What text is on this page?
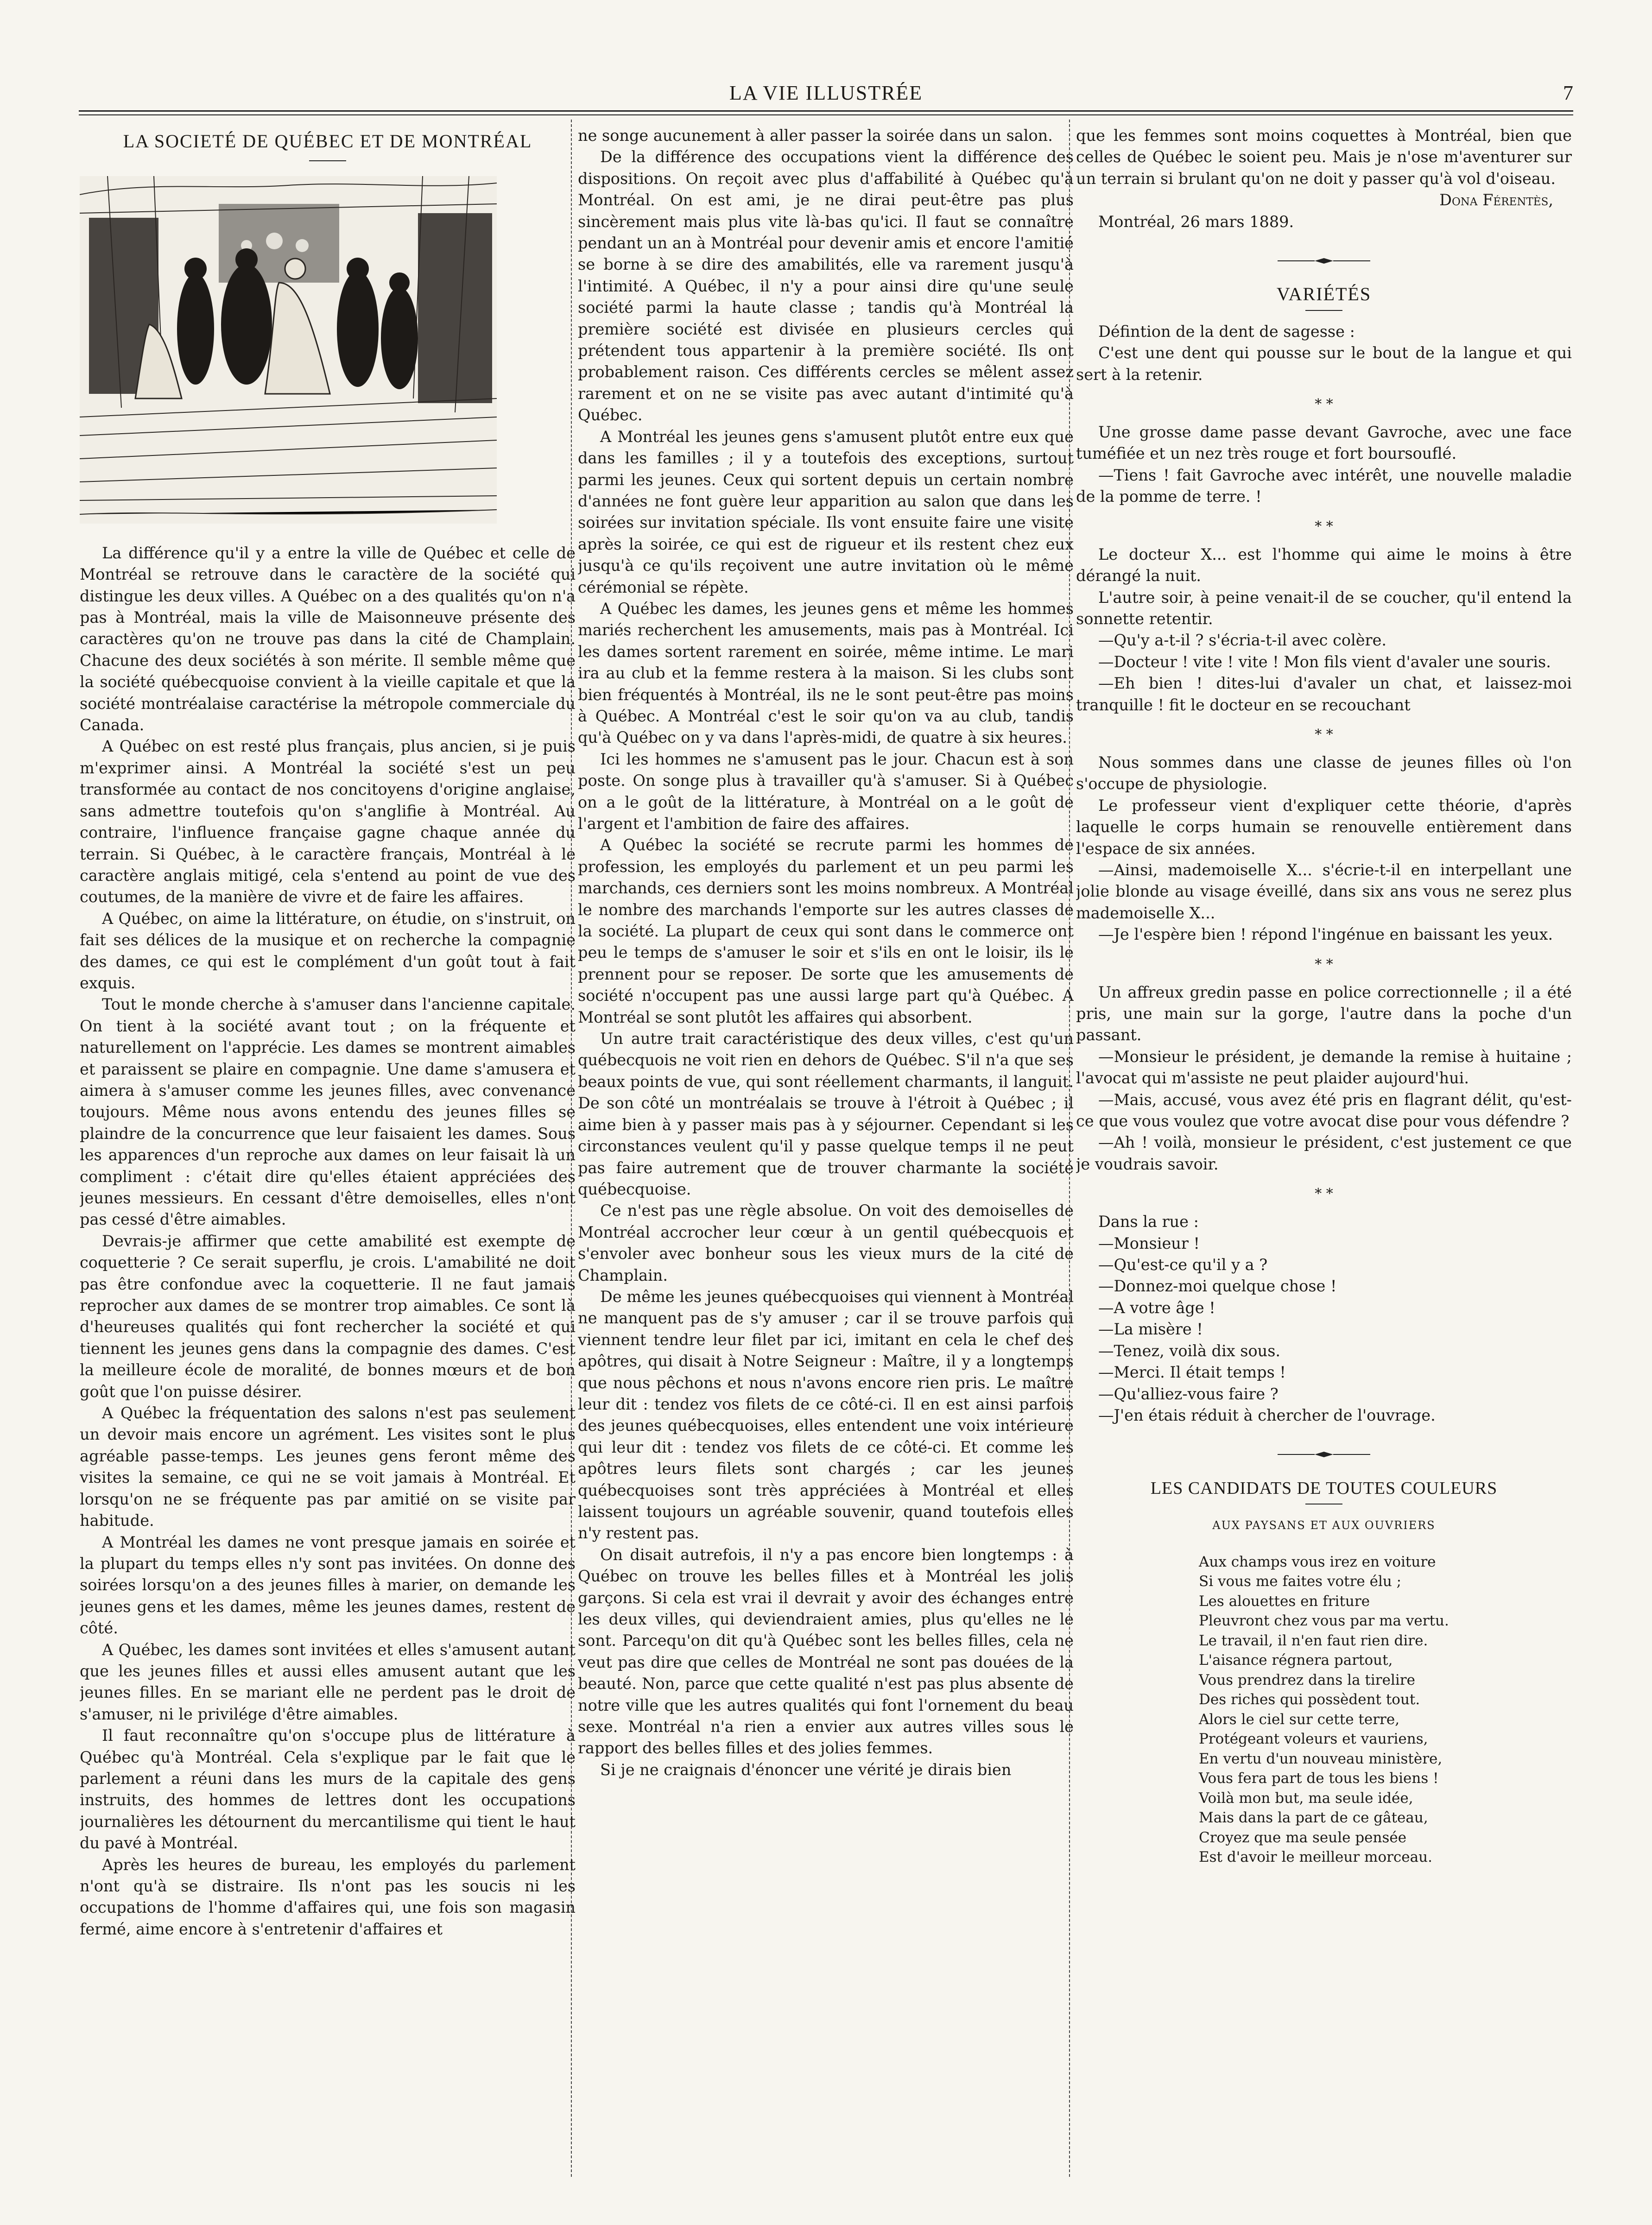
LA VIE ILLUSTRÉE	7
LA SOCIETÉ DE QUÉBEC ET DE MONTRÉAL

La différence qu'il y a entre la ville de Québec et celle de Montréal se retrouve dans le caractère de la société qui distingue les deux villes. A Québec on a des qualités qu'on n'a pas à Montréal, mais la ville de Maisonneuve présente des caractères qu'on ne trouve pas dans la cité de Champlain. Chacune des deux sociétés à son mérite. Il semble même que la société québecquoise convient à la vieille capitale et que la société montréalaise caractérise la métropole commerciale du Canada.

A Québec on est resté plus français, plus ancien, si je puis m'exprimer ainsi. A Montréal la société s'est un peu transformée au contact de nos concitoyens d'origine anglaise, sans admettre toutefois qu'on s'anglifie à Montréal. Au contraire, l'influence française gagne chaque année du terrain. Si Québec, à le caractère français, Montréal à le caractère anglais mitigé, cela s'entend au point de vue des coutumes, de la manière de vivre et de faire les affaires.

A Québec, on aime la littérature, on étudie, on s'instruit, on fait ses délices de la musique et on recherche la compagnie des dames, ce qui est le complément d'un goût tout à fait exquis.

Tout le monde cherche à s'amuser dans l'ancienne capitale. On tient à la société avant tout ; on la fréquente et naturellement on l'apprécie. Les dames se montrent aimables et paraissent se plaire en compagnie. Une dame s'amusera et aimera à s'amuser comme les jeunes filles, avec convenance toujours. Même nous avons entendu des jeunes filles se plaindre de la concurrence que leur faisaient les dames. Sous les apparences d'un reproche aux dames on leur faisait là un compliment : c'était dire qu'elles étaient appréciées des jeunes messieurs. En cessant d'être demoiselles, elles n'ont pas cessé d'être aimables.

Devrais-je affirmer que cette amabilité est exempte de coquetterie ? Ce serait superflu, je crois. L'amabilité ne doit pas être confondue avec la coquetterie. Il ne faut jamais reprocher aux dames de se montrer trop aimables. Ce sont là d'heureuses qualités qui font rechercher la société et qui tiennent les jeunes gens dans la compagnie des dames. C'est la meilleure école de moralité, de bonnes mœurs et de bon goût que l'on puisse désirer.

A Québec la fréquentation des salons n'est pas seulement un devoir mais encore un agrément. Les visites sont le plus agréable passe-temps. Les jeunes gens feront même des visites la semaine, ce qui ne se voit jamais à Montréal. Et lorsqu'on ne se fréquente pas par amitié on se visite par habitude.

A Montréal les dames ne vont presque jamais en soirée et la plupart du temps elles n'y sont pas invitées. On donne des soirées lorsqu'on a des jeunes filles à marier, on demande les jeunes gens et les dames, même les jeunes dames, restent de côté.

A Québec, les dames sont invitées et elles s'amusent autant que les jeunes filles et aussi elles amusent autant que les jeunes filles. En se mariant elle ne perdent pas le droit de s'amuser, ni le privilége d'être aimables.

Il faut reconnaître qu'on s'occupe plus de littérature à Québec qu'à Montréal. Cela s'explique par le fait que le parlement a réuni dans les murs de la capitale des gens instruits, des hommes de lettres dont les occupations journalières les détournent du mercantilisme qui tient le haut du pavé à Montréal.

Après les heures de bureau, les employés du parlement n'ont qu'à se distraire. Ils n'ont pas les soucis ni les occupations de l'homme d'affaires qui, une fois son magasin fermé, aime encore à s'entretenir d'affaires et

ne songe aucunement à aller passer la soirée dans un salon.

De la différence des occupations vient la différence des dispositions. On reçoit avec plus d'affabilité à Québec qu'à Montréal. On est ami, je ne dirai peut-être pas plus sincèrement mais plus vite là-bas qu'ici. Il faut se connaître pendant un an à Montréal pour devenir amis et encore l'amitié se borne à se dire des amabilités, elle va rarement jusqu'à l'intimité. A Québec, il n'y a pour ainsi dire qu'une seule société parmi la haute classe ; tandis qu'à Montréal la première société est divisée en plusieurs cercles qui prétendent tous appartenir à la première société. Ils ont probablement raison. Ces différents cercles se mêlent assez rarement et on ne se visite pas avec autant d'intimité qu'à Québec.

A Montréal les jeunes gens s'amusent plutôt entre eux que dans les familles ; il y a toutefois des exceptions, surtout parmi les jeunes. Ceux qui sortent depuis un certain nombre d'années ne font guère leur apparition au salon que dans les soirées sur invitation spéciale. Ils vont ensuite faire une visite après la soirée, ce qui est de rigueur et ils restent chez eux jusqu'à ce qu'ils reçoivent une autre invitation où le même cérémonial se répète.

A Québec les dames, les jeunes gens et même les hommes mariés recherchent les amusements, mais pas à Montréal. Ici les dames sortent rarement en soirée, même intime. Le mari ira au club et la femme restera à la maison. Si les clubs sont bien fréquentés à Montréal, ils ne le sont peut-être pas moins à Québec. A Montréal c'est le soir qu'on va au club, tandis qu'à Québec on y va dans l'après-midi, de quatre à six heures.

Ici les hommes ne s'amusent pas le jour. Chacun est à son poste. On songe plus à travailler qu'à s'amuser. Si à Québec on a le goût de la littérature, à Montréal on a le goût de l'argent et l'ambition de faire des affaires.

A Québec la société se recrute parmi les hommes de profession, les employés du parlement et un peu parmi les marchands, ces derniers sont les moins nombreux. A Montréal le nombre des marchands l'emporte sur les autres classes de la société. La plupart de ceux qui sont dans le commerce ont peu le temps de s'amuser le soir et s'ils en ont le loisir, ils le prennent pour se reposer. De sorte que les amusements de société n'occupent pas une aussi large part qu'à Québec. A Montréal se sont plutôt les affaires qui absorbent.

Un autre trait caractéristique des deux villes, c'est qu'un québecquois ne voit rien en dehors de Québec. S'il n'a que ses beaux points de vue, qui sont réellement charmants, il languit. De son côté un montréalais se trouve à l'étroit à Québec ; il aime bien à y passer mais pas à y séjourner. Cependant si les circonstances veulent qu'il y passe quelque temps il ne peut pas faire autrement que de trouver charmante la société québecquoise.

Ce n'est pas une règle absolue. On voit des demoiselles de Montréal accrocher leur cœur à un gentil québecquois et s'envoler avec bonheur sous les vieux murs de la cité de Champlain.

De même les jeunes québecquoises qui viennent à Montréal ne manquent pas de s'y amuser ; car il se trouve parfois qui viennent tendre leur filet par ici, imitant en cela le chef des apôtres, qui disait à Notre Seigneur : Maître, il y a longtemps que nous pêchons et nous n'avons encore rien pris. Le maître leur dit : tendez vos filets de ce côté-ci. Il en est ainsi parfois des jeunes québecquoises, elles entendent une voix intérieure qui leur dit : tendez vos filets de ce côté-ci. Et comme les apôtres leurs filets sont chargés ; car les jeunes québecquoises sont très appréciées à Montréal et elles laissent toujours un agréable souvenir, quand toutefois elles n'y restent pas.

On disait autrefois, il n'y a pas encore bien longtemps : à Québec on trouve les belles filles et à Montréal les jolis garçons. Si cela est vrai il devrait y avoir des échanges entre les deux villes, qui deviendraient amies, plus qu'elles ne le sont. Parcequ'on dit qu'à Québec sont les belles filles, cela ne veut pas dire que celles de Montréal ne sont pas douées de la beauté. Non, parce que cette qualité n'est pas plus absente de notre ville que les autres qualités qui font l'ornement du beau sexe. Montréal n'a rien a envier aux autres villes sous le rapport des belles filles et des jolies femmes.

Si je ne craignais d'énoncer une vérité je dirais bien

que les femmes sont moins coquettes à Montréal, bien que celles de Québec le soient peu. Mais je n'ose m'aventurer sur un terrain si brulant qu'on ne doit y passer qu'à vol d'oiseau.

Dona Férentès,

Montréal, 26 mars 1889.

VARIÉTÉS

Défintion de la dent de sagesse :

C'est une dent qui pousse sur le bout de la langue et qui sert à la retenir.

* *

Une grosse dame passe devant Gavroche, avec une face tuméfiée et un nez très rouge et fort boursouflé.

—Tiens ! fait Gavroche avec intérêt, une nouvelle maladie de la pomme de terre. !

* *

Le docteur X... est l'homme qui aime le moins à être dérangé la nuit.

L'autre soir, à peine venait-il de se coucher, qu'il entend la sonnette retentir.

—Qu'y a-t-il ? s'écria-t-il avec colère.

—Docteur ! vite ! vite ! Mon fils vient d'avaler une souris.

—Eh bien ! dites-lui d'avaler un chat, et laissez-moi tranquille ! fit le docteur en se recouchant

* *

Nous sommes dans une classe de jeunes filles où l'on s'occupe de physiologie.

Le professeur vient d'expliquer cette théorie, d'après laquelle le corps humain se renouvelle entièrement dans l'espace de six années.

—Ainsi, mademoiselle X... s'écrie-t-il en interpellant une jolie blonde au visage éveillé, dans six ans vous ne serez plus mademoiselle X...

—Je l'espère bien ! répond l'ingénue en baissant les yeux.

* *

Un affreux gredin passe en police correctionnelle ; il a été pris, une main sur la gorge, l'autre dans la poche d'un passant.

—Monsieur le président, je demande la remise à huitaine ; l'avocat qui m'assiste ne peut plaider aujourd'hui.

—Mais, accusé, vous avez été pris en flagrant délit, qu'est-ce que vous voulez que votre avocat dise pour vous défendre ?

—Ah ! voilà, monsieur le président, c'est justement ce que je voudrais savoir.

* *

Dans la rue :

—Monsieur !

—Qu'est-ce qu'il y a ?

—Donnez-moi quelque chose !

—A votre âge !

—La misère !

—Tenez, voilà dix sous.

—Merci. Il était temps !

—Qu'alliez-vous faire ?

—J'en étais réduit à chercher de l'ouvrage.

LES CANDIDATS DE TOUTES COULEURS
AUX PAYSANS ET AUX OUVRIERS
Aux champs vous irez en voiture
Si vous me faites votre élu ;
Les alouettes en friture
Pleuvront chez vous par ma vertu.
Le travail, il n'en faut rien dire.
L'aisance régnera partout,
Vous prendrez dans la tirelire
Des riches qui possèdent tout.
Alors le ciel sur cette terre,
Protégeant voleurs et vauriens,
En vertu d'un nouveau ministère,
Vous fera part de tous les biens !
Voilà mon but, ma seule idée,
Mais dans la part de ce gâteau,
Croyez que ma seule pensée
Est d'avoir le meilleur morceau.
